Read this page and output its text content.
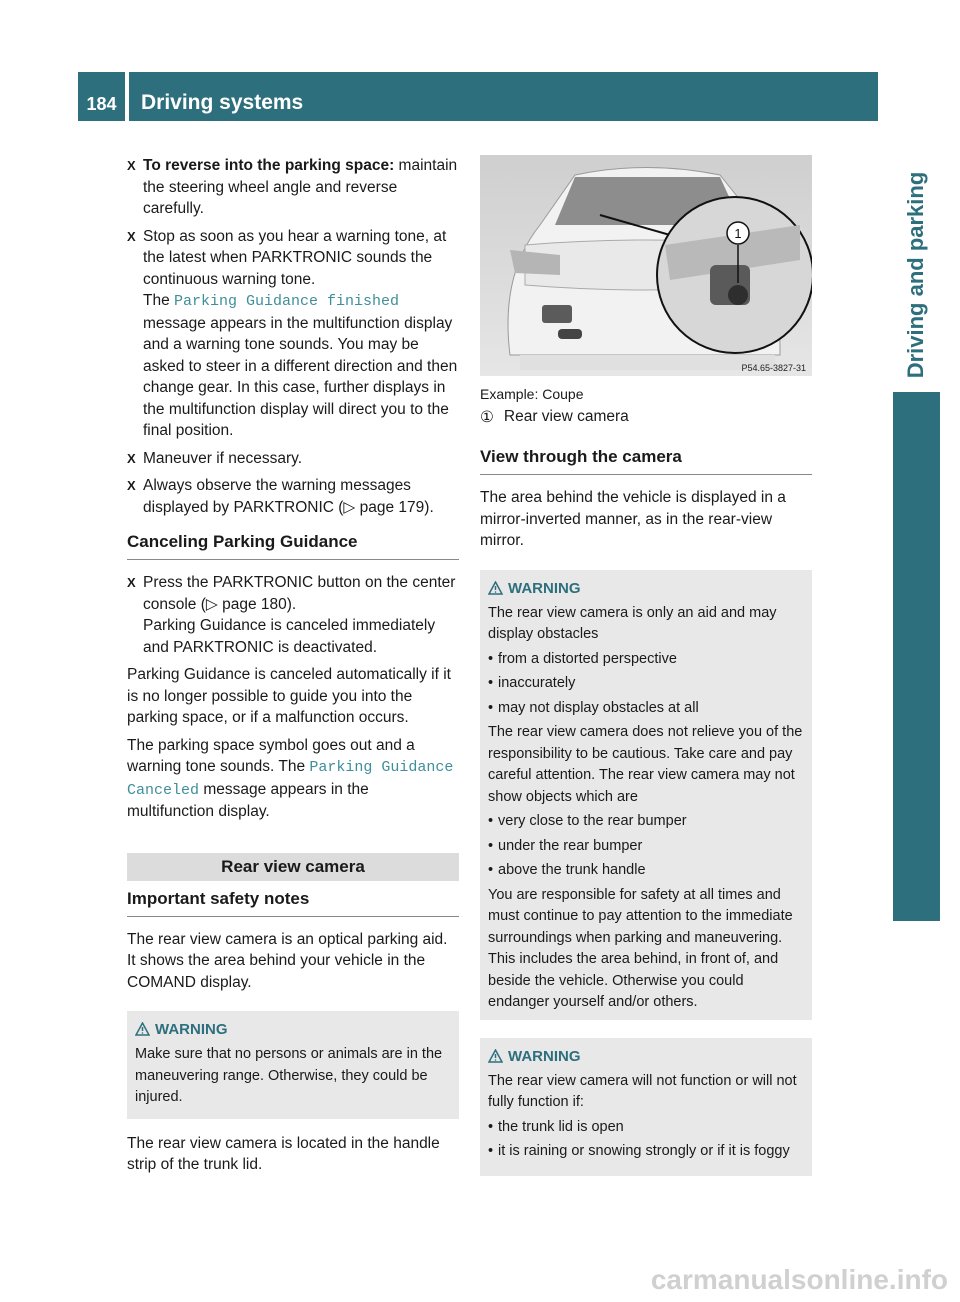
184	Driving systems
Driving and parking
X To reverse into the parking space: maintain the steering wheel angle and reverse carefully.
X Stop as soon as you hear a warning tone, at the latest when PARKTRONIC sounds the continuous warning tone.
The Parking Guidance finished message appears in the multifunction display and a warning tone sounds. You may be asked to steer in a different direction and then change gear. In this case, further displays in the multifunction display will direct you to the final position.
X Maneuver if necessary.
X Always observe the warning messages displayed by PARKTRONIC (▷ page 179).
Canceling Parking Guidance
X Press the PARKTRONIC button on the center console (▷ page 180).
Parking Guidance is canceled immediately and PARKTRONIC is deactivated.

Parking Guidance is canceled automatically if it is no longer possible to guide you into the parking space, or if a malfunction occurs.

The parking space symbol goes out and a warning tone sounds. The Parking Guidance Canceled message appears in the multifunction display.

Rear view camera
Important safety notes

The rear view camera is an optical parking aid. It shows the area behind your vehicle in the COMAND display.

WARNING

Make sure that no persons or animals are in the maneuvering range. Otherwise, they could be injured.

The rear view camera is located in the handle strip of the trunk lid.

1
P54.65-3827-31
Example: Coupe
① Rear view camera
View through the camera

The area behind the vehicle is displayed in a mirror-inverted manner, as in the rear-view mirror.

WARNING

The rear view camera is only an aid and may display obstacles

• from a distorted perspective
• inaccurately
• may not display obstacles at all

The rear view camera does not relieve you of the responsibility to be cautious. Take care and pay careful attention. The rear view camera may not show objects which are

• very close to the rear bumper
• under the rear bumper
• above the trunk handle

You are responsible for safety at all times and must continue to pay attention to the immediate surroundings when parking and maneuvering. This includes the area behind, in front of, and beside the vehicle. Otherwise you could endanger yourself and/or others.

WARNING

The rear view camera will not function or will not fully function if:

• the trunk lid is open
• it is raining or snowing strongly or if it is foggy
carmanualsonline.info
